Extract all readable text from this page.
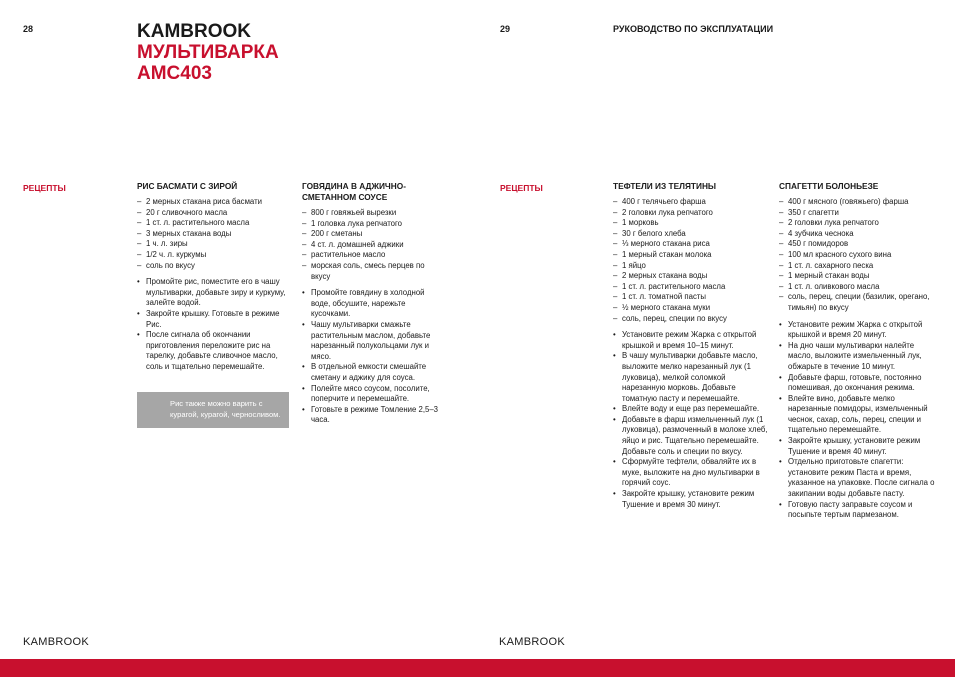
28	KAMBROOK
МУЛЬТИВАРКА
AMC403
РЕЦЕПТЫ	РИС БАСМАТИ С ЗИРОЙ
– 2 мерных стакана риса басмати
– 20 г сливочного масла
– 1 ст. л. растительного масла
– 3 мерных стакана воды
– 1 ч. л. зиры
– 1/2 ч. л. куркумы
– соль по вкусу
• Промойте рис, поместите его в чашу мультиварки, добавьте зиру и куркуму, залейте водой.
• Закройте крышку. Готовьте в режиме Рис.
• После сигнала об окончании приготовления переложите рис на тарелку, добавьте сливочное масло, соль и тщательно перемешайте.
Рис также можно варить с курагой, курагой, черносливом.
ГОВЯДИНА В АДЖИЧНО-СМЕТАННОМ СОУСЕ
– 800 г говяжьей вырезки
– 1 головка лука репчатого
– 200 г сметаны
– 4 ст. л. домашней аджики
– растительное масло
– морская соль, смесь перцев по вкусу
• Промойте говядину в холодной воде, обсушите, нарежьте кусочками.
• Чашу мультиварки смажьте растительным маслом, добавьте нарезанный полукольцами лук и мясо.
• В отдельной емкости смешайте сметану и аджику для соуса.
• Полейте мясо соусом, посолите, поперчите и перемешайте.
• Готовьте в режиме Томление 2,5–3 часа.
KAMBROOK
29	РУКОВОДСТВО ПО ЭКСПЛУАТАЦИИ
РЕЦЕПТЫ	ТЕФТЕЛИ ИЗ ТЕЛЯТИНЫ
– 400 г телячьего фарша
– 2 головки лука репчатого
– 1 морковь
– 30 г белого хлеба
– ⅓ мерного стакана риса
– 1 мерный стакан молока
– 1 яйцо
– 2 мерных стакана воды
– 1 ст. л. растительного масла
– 1 ст. л. томатной пасты
– ½ мерного стакана муки
– соль, перец, специи по вкусу
• Установите режим Жарка с открытой крышкой и время 10–15 минут.
• В чашу мультиварки добавьте масло, выложите мелко нарезанный лук (1 луковица), мелкой соломкой нарезанную морковь. Добавьте томатную пасту и перемешайте.
• Влейте воду и еще раз перемешайте.
• Добавьте в фарш измельченный лук (1 луковица), размоченный в молоке хлеб, яйцо и рис. Тщательно перемешайте. Добавьте соль и специи по вкусу.
• Сформуйте тефтели, обваляйте их в муке, выложите на дно мультиварки в горячий соус.
• Закройте крышку, установите режим Тушение и время 30 минут.
СПАГЕТТИ БОЛОНЬЕЗЕ
– 400 г мясного (говяжьего) фарша
– 350 г спагетти
– 2 головки лука репчатого
– 4 зубчика чеснока
– 450 г помидоров
– 100 мл красного сухого вина
– 1 ст. л. сахарного песка
– 1 мерный стакан воды
– 1 ст. л. оливкового масла
– соль, перец, специи (базилик, орегано, тимьян) по вкусу
• Установите режим Жарка с открытой крышкой и время 20 минут.
• На дно чаши мультиварки налейте масло, выложите измельченный лук, обжарьте в течение 10 минут.
• Добавьте фарш, готовьте, постоянно помешивая, до окончания режима.
• Влейте вино, добавьте мелко нарезанные помидоры, измельченный чеснок, сахар, соль, перец, специи и тщательно перемешайте.
• Закройте крышку, установите режим Тушение и время 40 минут.
• Отдельно приготовьте спагетти: установите режим Паста и время, указанное на упаковке. После сигнала о закипании воды добавьте пасту.
• Готовую пасту заправьте соусом и посыпьте тертым пармезаном.
KAMBROOK
